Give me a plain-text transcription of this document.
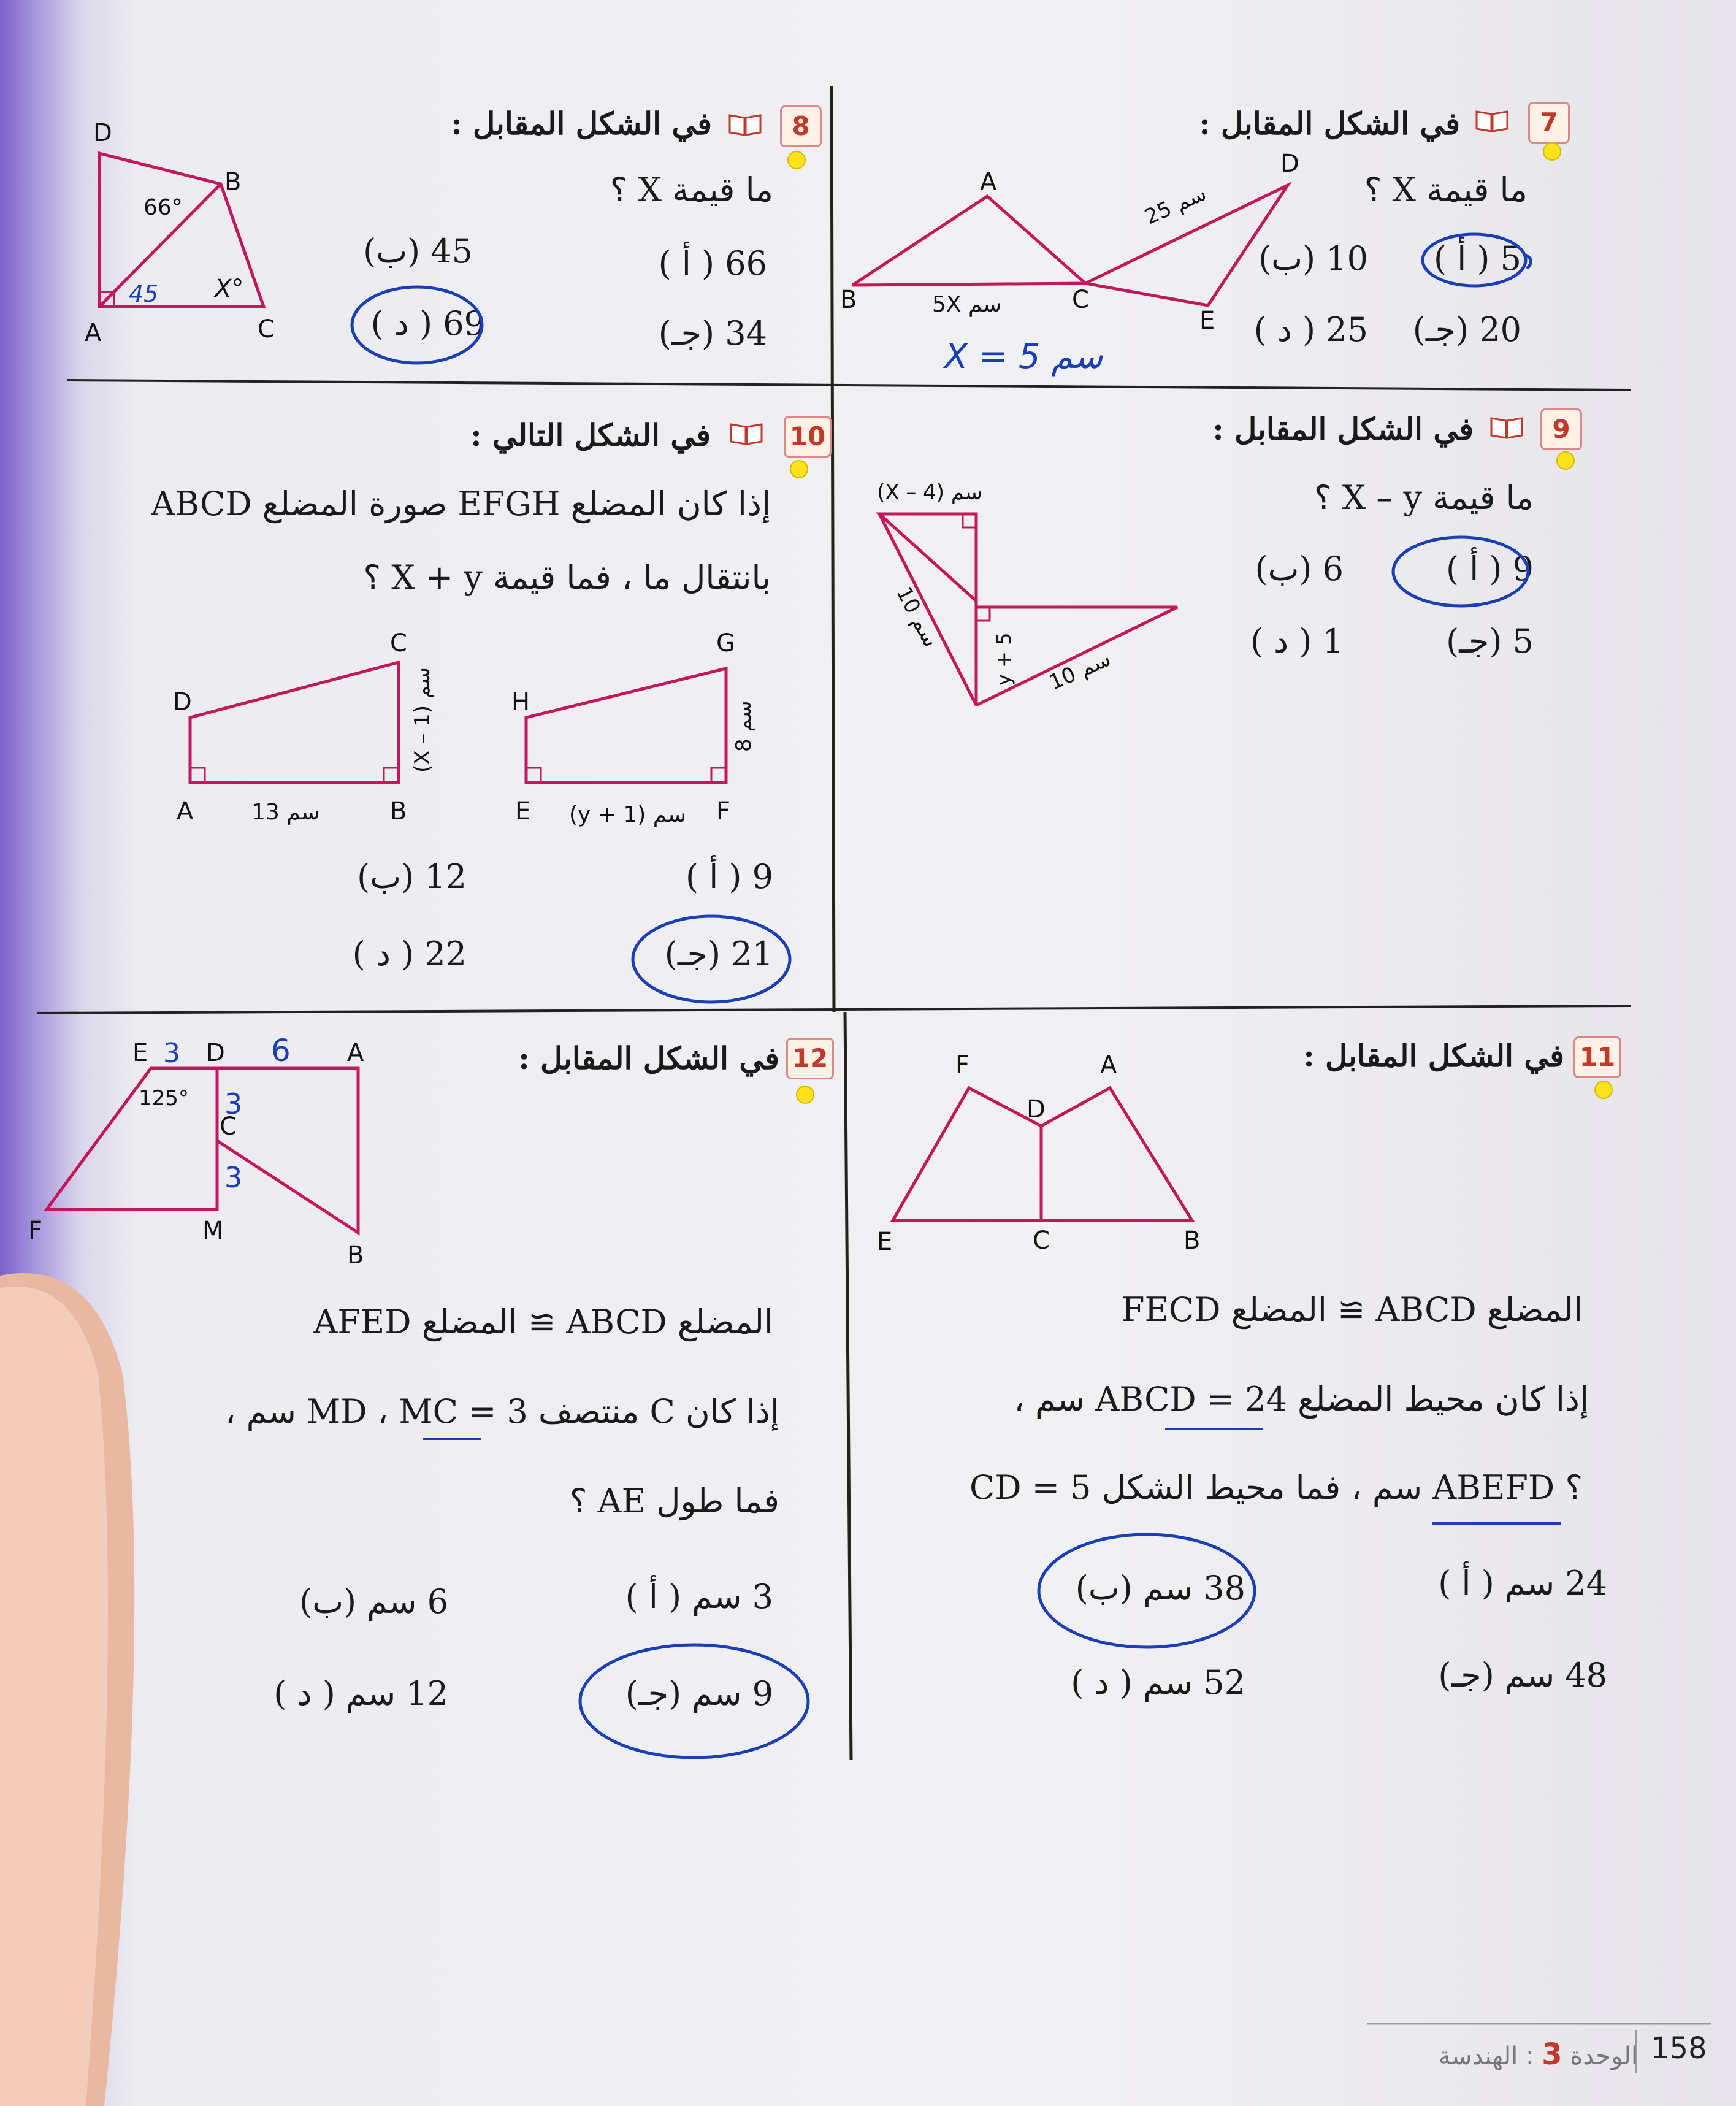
7
في الشكل المقابل :
ما قيمة X ؟
5 ( أ )
10 (ب)
20 (جـ)
25 ( د )
A
B	C
D
E
5X سم
25 سم
X = 5 سم
8
في الشكل المقابل :
ما قيمة X ؟
66 ( أ )
45 (ب)
34 (جـ)
69 ( د )
D
B
A	C
66°
X°
45
9
في الشكل المقابل :
ما قيمة X – y ؟
9 ( أ )
6 (ب)
5 (جـ)
1 ( د )
(X – 4) سم
10 سم
y + 5 10 سم
10
في الشكل التالي :
إذا كان المضلع EFGH صورة المضلع ABCD
بانتقال ما ، فما قيمة X + y ؟
9 ( أ )
12 (ب)
21 (جـ)
22 ( د )
D
C
A	B
13 سم
(X – 1) سم
H
G
E	F
(y + 1) سم
8 سم
11
في الشكل المقابل :
المضلع ABCD ≅ المضلع FECD
إذا كان محيط المضلع ABCD = 24 سم ،
CD = 5 سم ، فما محيط الشكل ABEFD ؟
24 سم ( أ )
38 سم (ب)
48 سم (جـ)
52 سم ( د )
F	A
D
E	C	B
12
في الشكل المقابل :
المضلع ABCD ≅ المضلع AFED
إذا كان C منتصف MD ، MC = 3 سم ،
فما طول AE ؟
3 سم ( أ )
6 سم (ب)
9 سم (جـ)
12 سم ( د )
E D	A
C
F	M
B
125° 3
3
3	6
158
الوحدة 3 : الهندسة
